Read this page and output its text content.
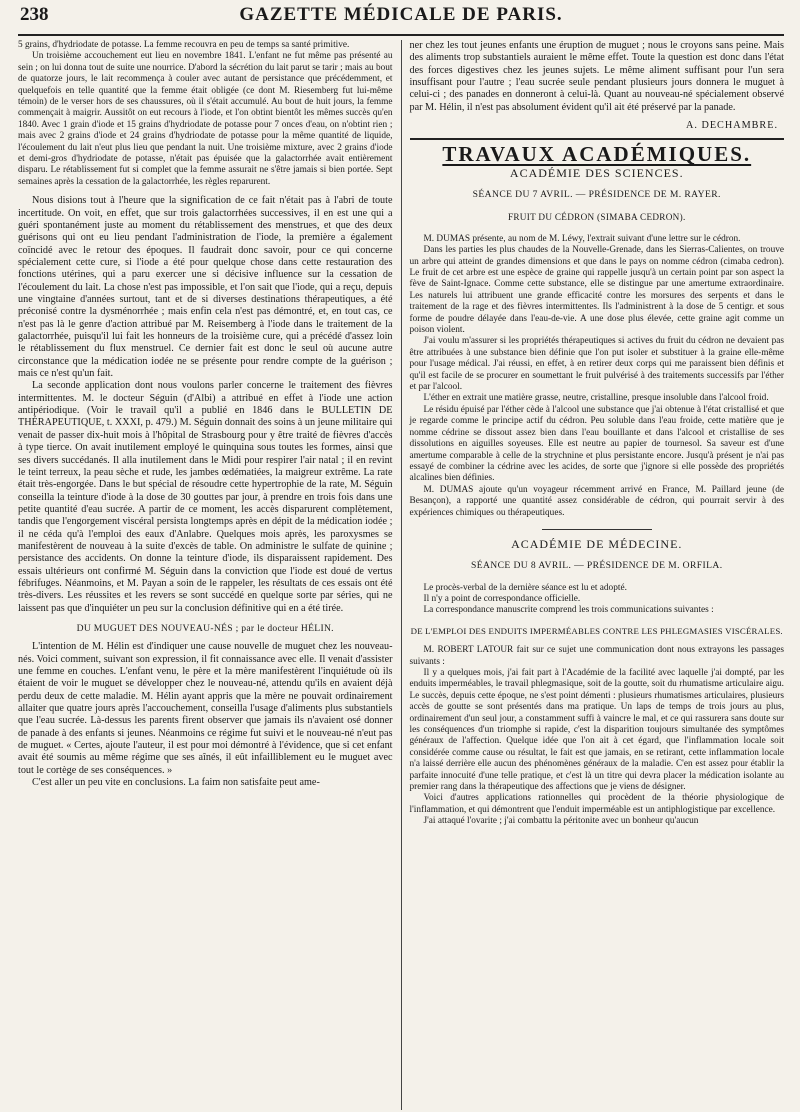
238	GAZETTE MÉDICALE DE PARIS.

5 grains, d'hydriodate de potasse. La femme recouvra en peu de temps sa santé primitive.

Un troisième accouchement eut lieu en novembre 1841. L'enfant ne fut même pas présenté au sein ; on lui donna tout de suite une nourrice. D'abord la sécrétion du lait parut se tarir ; mais au bout de quatorze jours, le lait recommença à couler avec autant de persistance que précédemment, et quelquefois en telle quantité que la femme était obligée (ce dont M. Riesemberg fut lui-même témoin) de le verser hors de ses chaussures, où il s'était accumulé. Au bout de huit jours, la femme commençait à maigrir. Aussitôt on eut recours à l'iode, et l'on obtint bientôt les mêmes succès qu'en 1840. Avec 1 grain d'iode et 15 grains d'hydriodate de potasse pour 7 onces d'eau, on n'obtint rien ; mais avec 2 grains d'iode et 24 grains d'hydriodate de potasse pour la même quantité de liquide, l'écoulement du lait n'eut plus lieu que pendant la nuit. Une troisième mixture, avec 2 grains d'iode et demi-gros d'hydriodate de potasse, n'était pas épuisée que la galactorrhée avait entièrement disparu. Le rétablissement fut si complet que la femme assurait ne s'être jamais si bien portée. Sept semaines après la cessation de la galactorrhée, les règles reparurent.

Nous disions tout à l'heure que la signification de ce fait n'était pas à l'abri de toute incertitude. On voit, en effet, que sur trois galactorrhées successives, il en est une qui a guéri spontanément juste au moment du rétablissement des menstrues, et que des deux guérisons qui ont eu lieu pendant l'administration de l'iode, la première a également coïncidé avec le retour des époques. Il faudrait donc savoir, pour ce qui concerne spécialement cette cure, si l'iode a été pour quelque chose dans cette restauration des fonctions utérines, qui a paru exercer une si décisive influence sur la cessation de l'écoulement du lait. La chose n'est pas impossible, et l'on sait que l'iode, qui a reçu, depuis une vingtaine d'années surtout, tant et de si diverses destinations thérapeutiques, a été préconisé contre la dysménorrhée ; mais enfin cela n'est pas démontré, et, en tout cas, ce n'est pas là le genre d'action attribué par M. Reisemberg à l'iode dans le traitement de la galactorrhée, puisqu'il lui fait les honneurs de la troisième cure, qui a précédé d'assez loin le rétablissement du flux menstruel. Ce dernier fait est donc le seul où aucune autre circonstance que la médication iodée ne se présente pour rendre compte de la guérison ; mais ce n'est qu'un fait.

La seconde application dont nous voulons parler concerne le traitement des fièvres intermittentes. M. le docteur Séguin (d'Albi) a attribué en effet à l'iode une action antipériodique. (Voir le travail qu'il a publié en 1846 dans le BULLETIN DE THÉRAPEUTIQUE, t. XXXI, p. 479.) M. Séguin donnait des soins à un jeune militaire qui venait de passer dix-huit mois à l'hôpital de Strasbourg pour y être traité de fièvres d'accès à type tierce. On avait inutilement employé le quinquina sous toutes les formes, ainsi que ses divers succédanés. Il alla inutilement dans le Midi pour respirer l'air natal ; il en revint le teint terreux, la peau sèche et rude, les jambes œdématiées, la maigreur extrême. La rate était très-engorgée. Dans le but spécial de résoudre cette hypertrophie de la rate, M. Séguin conseilla la teinture d'iode à la dose de 30 gouttes par jour, à prendre en trois fois dans une petite quantité d'eau sucrée. A partir de ce moment, les accès disparurent complètement, tandis que l'engorgement viscéral persista longtemps après en dépit de la médication iodée ; il ne céda qu'à l'emploi des eaux d'Anlabre. Quelques mois après, les paroxysmes se manifestèrent de nouveau à la suite d'excès de table. On administre le sulfate de quinine ; persistance des accidents. On donne la teinture d'iode, ils disparaissent rapidement. Des essais ultérieurs ont confirmé M. Séguin dans la conviction que l'iode est doué de vertus fébrifuges. Néanmoins, et M. Payan a soin de le rappeler, les résultats de ces essais ont été très-divers. Les réussites et les revers se sont succédé en quelque sorte par séries, qui ne laissent pas que d'inquiéter un peu sur la conclusion définitive qui en a été tirée.

DU MUGUET DES NOUVEAU-NÉS ; par le docteur HÉLIN.

L'intention de M. Hélin est d'indiquer une cause nouvelle de muguet chez les nouveau-nés. Voici comment, suivant son expression, il fit connaissance avec elle. Il venait d'assister une femme en couches. L'enfant venu, le père et la mère manifestèrent l'inquiétude où ils étaient de voir le muguet se développer chez le nouveau-né, attendu qu'ils en avaient déjà perdu deux de cette maladie. M. Hélin ayant appris que la mère ne pouvait ordinairement allaiter que quatre jours après l'accouchement, conseilla l'usage d'aliments plus substantiels que l'eau sucrée. Là-dessus les parents firent observer que jamais ils n'avaient osé donner de panade à des enfants si jeunes. Néanmoins ce régime fut suivi et le nouveau-né n'eut pas de muguet. « Certes, ajoute l'auteur, il est pour moi démontré à l'évidence, que si cet enfant avait été soumis au même régime que ses aînés, il eût infailliblement eu le muguet avec tout le cortège de ses conséquences. »

C'est aller un peu vite en conclusions. La faim non satisfaite peut ame-

ner chez les tout jeunes enfants une éruption de muguet ; nous le croyons sans peine. Mais des aliments trop substantiels auraient le même effet. Toute la question est donc dans l'état des forces digestives chez les jeunes sujets. Le même aliment suffisant pour l'un sera insuffisant pour l'autre ; l'eau sucrée seule pendant plusieurs jours donnera le muguet à celui-ci ; des panades en donneront à celui-là. Quant au nouveau-né spécialement observé par M. Hélin, il n'est pas absolument évident qu'il ait été préservé par la panade.

A. DECHAMBRE.
TRAVAUX ACADÉMIQUES.
ACADÉMIE DES SCIENCES.
SÉANCE DU 7 AVRIL. — PRÉSIDENCE DE M. RAYER.
FRUIT DU CÉDRON (SIMABA CEDRON).

M. DUMAS présente, au nom de M. Léwy, l'extrait suivant d'une lettre sur le cédron.

Dans les parties les plus chaudes de la Nouvelle-Grenade, dans les Sierras-Calientes, on trouve un arbre qui atteint de grandes dimensions et que dans le pays on nomme cédron (cimaba cedron). Le fruit de cet arbre est une espèce de graine qui rappelle jusqu'à un certain point par son aspect la fève de Saint-Ignace. Comme cette substance, elle se distingue par une amertume extraordinaire. Les naturels lui attribuent une grande efficacité contre les morsures des serpents et dans le traitement de la rage et des fièvres intermittentes. Ils l'administrent à la dose de 5 centigr. et sous forme de poudre délayée dans l'eau-de-vie. A une dose plus élevée, cette graine agit comme un poison violent.

J'ai voulu m'assurer si les propriétés thérapeutiques si actives du fruit du cédron ne devaient pas être attribuées à une substance bien définie que l'on put isoler et substituer à la graine elle-même pour l'usage médical. J'ai réussi, en effet, à en retirer deux corps qui me paraissent bien définis et qu'il est facile de se procurer en soumettant le fruit pulvérisé à des traitements successifs par l'éther et par l'alcool.

L'éther en extrait une matière grasse, neutre, cristalline, presque insoluble dans l'alcool froid.

Le résidu épuisé par l'éther cède à l'alcool une substance que j'ai obtenue à l'état cristallisé et que je regarde comme le principe actif du cédron. Peu soluble dans l'eau froide, cette matière que je nomme cédrine se dissout assez bien dans l'eau bouillante et dans l'alcool et cristallise de ses dissolutions en aiguilles soyeuses. Elle est neutre au papier de tournesol. Sa saveur est d'une amertume comparable à celle de la strychnine et plus persistante encore. Jusqu'à présent je n'ai pas essayé de combiner la cédrine avec les acides, de sorte que j'ignore si elle possède des propriétés alcalines bien définies.

M. DUMAS ajoute qu'un voyageur récemment arrivé en France, M. Paillard jeune (de Besançon), a rapporté une quantité assez considérable de cédron, qui pourrait servir à des expériences chimiques ou thérapeutiques.

ACADÉMIE DE MÉDECINE.
SÉANCE DU 8 AVRIL. — PRÉSIDENCE DE M. ORFILA.

Le procès-verbal de la dernière séance est lu et adopté.

Il n'y a point de correspondance officielle.

La correspondance manuscrite comprend les trois communications suivantes :

DE L'EMPLOI DES ENDUITS IMPERMÉABLES CONTRE LES PHLEGMASIES VISCÉRALES.

M. ROBERT LATOUR fait sur ce sujet une communication dont nous extrayons les passages suivants :

Il y a quelques mois, j'ai fait part à l'Académie de la facilité avec laquelle j'ai dompté, par les enduits imperméables, le travail phlegmasique, soit de la goutte, soit du rhumatisme articulaire aigu. Le succès, depuis cette époque, ne s'est point démenti : plusieurs rhumatismes articulaires, plusieurs accès de goutte se sont présentés dans ma pratique. Un laps de temps de trois jours au plus, ordinairement d'un seul jour, a constamment suffi à vaincre le mal, et ce qui rassurera sans doute sur les conséquences d'un triomphe si rapide, c'est la disparition toujours simultanée des symptômes généraux de l'affection. Quelque idée que l'on ait à cet égard, que l'inflammation locale soit considérée comme cause ou résultat, le fait est que jamais, en se retirant, cette inflammation locale n'a laissé derrière elle aucun des phénomènes généraux de la maladie. C'en est assez pour établir la parfaite innocuité d'une telle pratique, et c'est là un titre qui devra placer la médication isolante au premier rang dans la thérapeutique des affections que je viens de désigner.

Voici d'autres applications rationnelles qui procèdent de la théorie physiologique de l'inflammation, et qui démontrent que l'enduit imperméable est un antiphlogistique par excellence.

J'ai attaqué l'ovarite ; j'ai combattu la péritonite avec un bonheur qu'aucun
